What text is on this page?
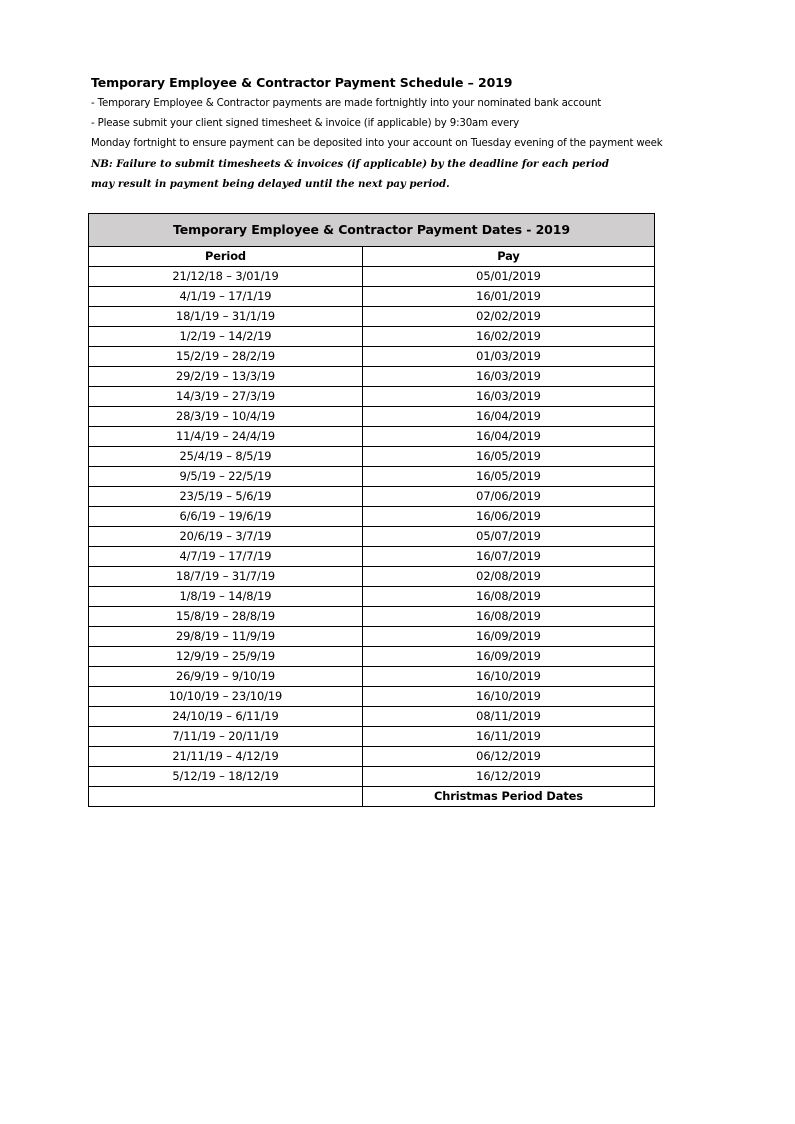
Temporary Employee & Contractor Payment Schedule – 2019
- Temporary Employee & Contractor payments are made fortnightly into your nominated bank account
- Please submit your client signed timesheet & invoice (if applicable) by 9:30am every
Monday fortnight to ensure payment can be deposited into your account on Tuesday evening of the payment week
NB: Failure to submit timesheets & invoices (if applicable) by the deadline for each period
may result in payment being delayed until the next pay period.
Temporary Employee & Contractor Payment Dates - 2019	
Period	Pay
21/12/18 – 3/01/19	05/01/2019
4/1/19 – 17/1/19	16/01/2019
18/1/19 – 31/1/19	02/02/2019
1/2/19 – 14/2/19	16/02/2019
15/2/19 – 28/2/19	01/03/2019
29/2/19 – 13/3/19	16/03/2019
14/3/19 – 27/3/19	16/03/2019
28/3/19 – 10/4/19	16/04/2019
11/4/19 – 24/4/19	16/04/2019
25/4/19 – 8/5/19	16/05/2019
9/5/19 – 22/5/19	16/05/2019
23/5/19 – 5/6/19	07/06/2019
6/6/19 – 19/6/19	16/06/2019
20/6/19 – 3/7/19	05/07/2019
4/7/19 – 17/7/19	16/07/2019
18/7/19 – 31/7/19	02/08/2019
1/8/19 – 14/8/19	16/08/2019
15/8/19 – 28/8/19	16/08/2019
29/8/19 – 11/9/19	16/09/2019
12/9/19 – 25/9/19	16/09/2019
26/9/19 – 9/10/19	16/10/2019
10/10/19 – 23/10/19	16/10/2019
24/10/19 – 6/11/19	08/11/2019
7/11/19 – 20/11/19	16/11/2019
21/11/19 – 4/12/19	06/12/2019
5/12/19 – 18/12/19	16/12/2019
	Christmas Period Dates
